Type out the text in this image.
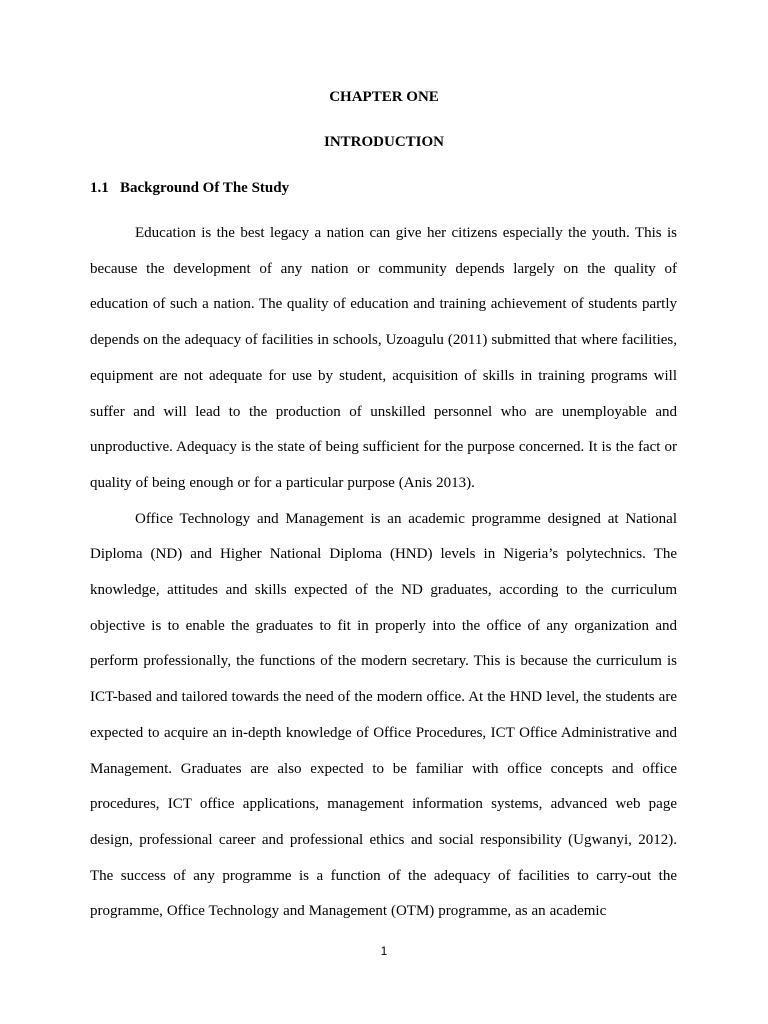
CHAPTER ONE
INTRODUCTION
1.1 Background Of The Study

Education is the best legacy a nation can give her citizens especially the youth. This is because the development of any nation or community depends largely on the quality of education of such a nation. The quality of education and training achievement of students partly depends on the adequacy of facilities in schools, Uzoagulu (2011) submitted that where facilities, equipment are not adequate for use by student, acquisition of skills in training programs will suffer and will lead to the production of unskilled personnel who are unemployable and unproductive. Adequacy is the state of being sufficient for the purpose concerned. It is the fact or quality of being enough or for a particular purpose (Anis 2013).

Office Technology and Management is an academic programme designed at National Diploma (ND) and Higher National Diploma (HND) levels in Nigeria’s polytechnics. The knowledge, attitudes and skills expected of the ND graduates, according to the curriculum objective is to enable the graduates to fit in properly into the office of any organization and perform professionally, the functions of the modern secretary. This is because the curriculum is ICT-based and tailored towards the need of the modern office. At the HND level, the students are expected to acquire an in-depth knowledge of Office Procedures, ICT Office Administrative and Management. Graduates are also expected to be familiar with office concepts and office procedures, ICT office applications, management information systems, advanced web page design, professional career and professional ethics and social responsibility (Ugwanyi, 2012). The success of any programme is a function of the adequacy of facilities to carry-out the programme, Office Technology and Management (OTM) programme, as an academic

1
